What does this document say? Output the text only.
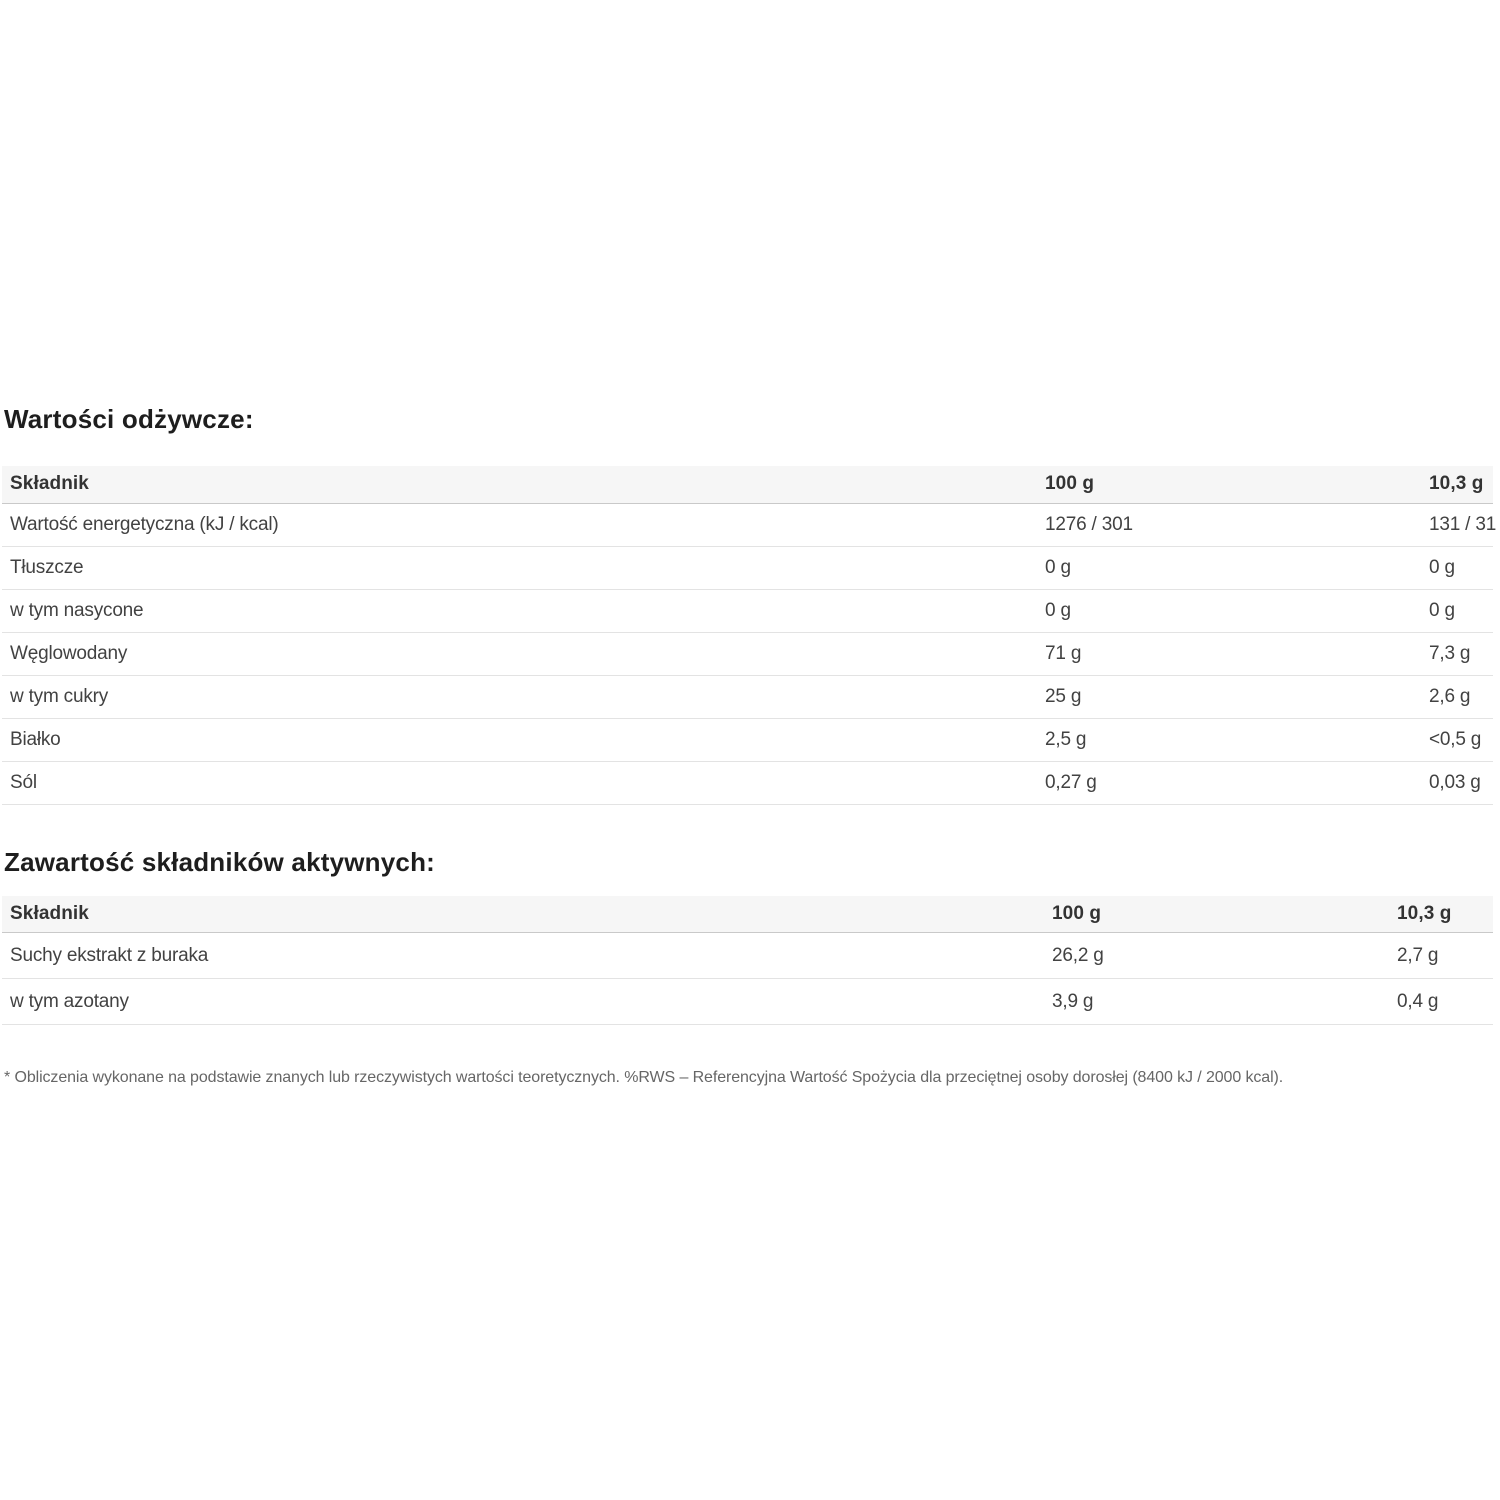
Wartości odżywcze:
Składnik	100 g	10,3 g
Wartość energetyczna (kJ / kcal)	1276 / 301	131 / 31
Tłuszcze	0 g	0 g
w tym nasycone	0 g	0 g
Węglowodany	71 g	7,3 g
w tym cukry	25 g	2,6 g
Białko	2,5 g	<0,5 g
Sól	0,27 g	0,03 g
Zawartość składników aktywnych:
Składnik	100 g	10,3 g
Suchy ekstrakt z buraka	26,2 g	2,7 g
w tym azotany	3,9 g	0,4 g

* Obliczenia wykonane na podstawie znanych lub rzeczywistych wartości teoretycznych. %RWS – Referencyjna Wartość Spożycia dla przeciętnej osoby dorosłej (8400 kJ / 2000 kcal).
